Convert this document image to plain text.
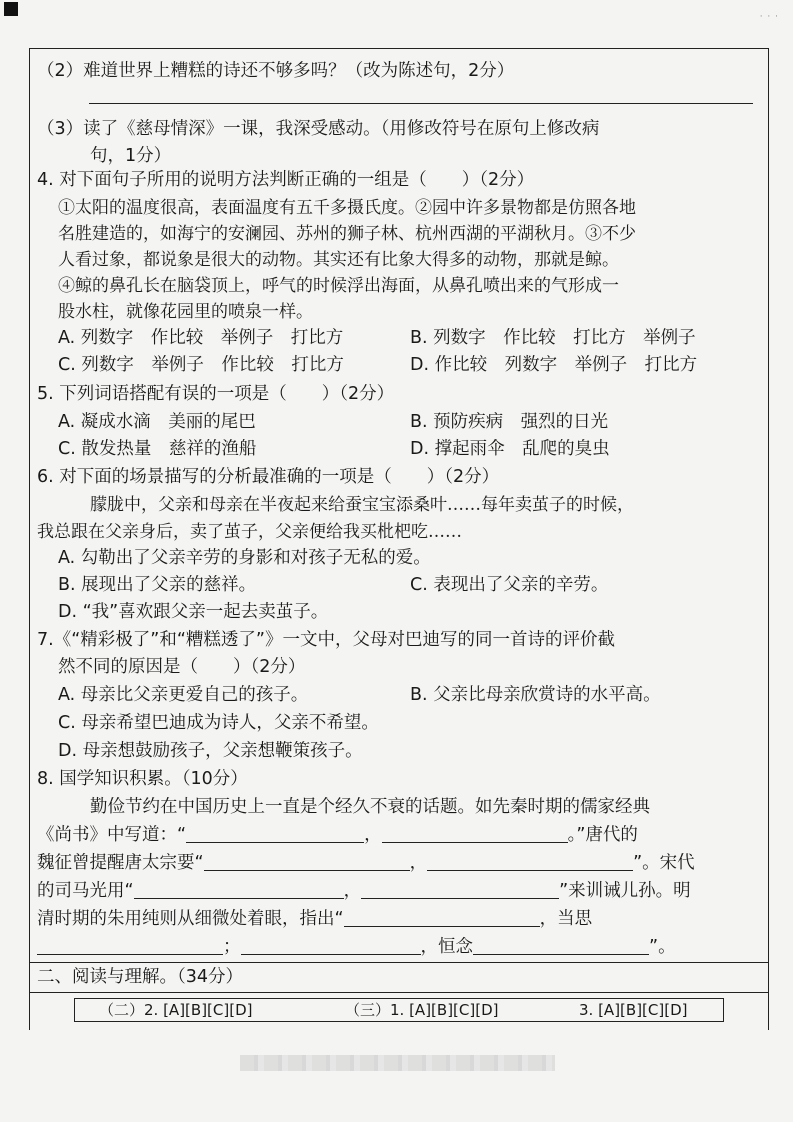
· · ·
（2）难道世界上糟糕的诗还不够多吗？（改为陈述句，2分）
（3）读了《慈母情深》一课，我深受感动。（用修改符号在原句上修改病
句，1分）
4. 对下面句子所用的说明方法判断正确的一组是（　　）（2分）
①太阳的温度很高，表面温度有五千多摄氏度。②园中许多景物都是仿照各地
名胜建造的，如海宁的安澜园、苏州的狮子林、杭州西湖的平湖秋月。③不少
人看过象，都说象是很大的动物。其实还有比象大得多的动物，那就是鲸。
④鲸的鼻孔长在脑袋顶上，呼气的时候浮出海面，从鼻孔喷出来的气形成一
股水柱，就像花园里的喷泉一样。
A. 列数字　作比较　举例子　打比方	B. 列数字　作比较　打比方　举例子
C. 列数字　举例子　作比较　打比方	D. 作比较　列数字　举例子　打比方
5. 下列词语搭配有误的一项是（　　）（2分）
A. 凝成水滴　美丽的尾巴	B. 预防疾病　强烈的日光
C. 散发热量　慈祥的渔船	D. 撑起雨伞　乱爬的臭虫
6. 对下面的场景描写的分析最准确的一项是（　　）（2分）
朦胧中，父亲和母亲在半夜起来给蚕宝宝添桑叶……每年卖茧子的时候，
我总跟在父亲身后，卖了茧子，父亲便给我买枇杷吃……
A. 勾勒出了父亲辛劳的身影和对孩子无私的爱。
B. 展现出了父亲的慈祥。	C. 表现出了父亲的辛劳。
D. “我”喜欢跟父亲一起去卖茧子。
7.《“精彩极了”和“糟糕透了”》一文中，父母对巴迪写的同一首诗的评价截
然不同的原因是（　　）（2分）
A. 母亲比父亲更爱自己的孩子。	B. 父亲比母亲欣赏诗的水平高。
C. 母亲希望巴迪成为诗人，父亲不希望。
D. 母亲想鼓励孩子，父亲想鞭策孩子。
8. 国学知识积累。（10分）
勤俭节约在中国历史上一直是个经久不衰的话题。如先秦时期的儒家经典
《尚书》中写道：“	，	。”唐代的
魏征曾提醒唐太宗要“	，	”。宋代
的司马光用“	，	”来训诫儿孙。明
清时期的朱用纯则从细微处着眼，指出“	，当思
；	，恒念	”。
二、阅读与理解。（34分）
（二）2. [A][B][C][D]	（三）1. [A][B][C][D]	3. [A][B][C][D]
